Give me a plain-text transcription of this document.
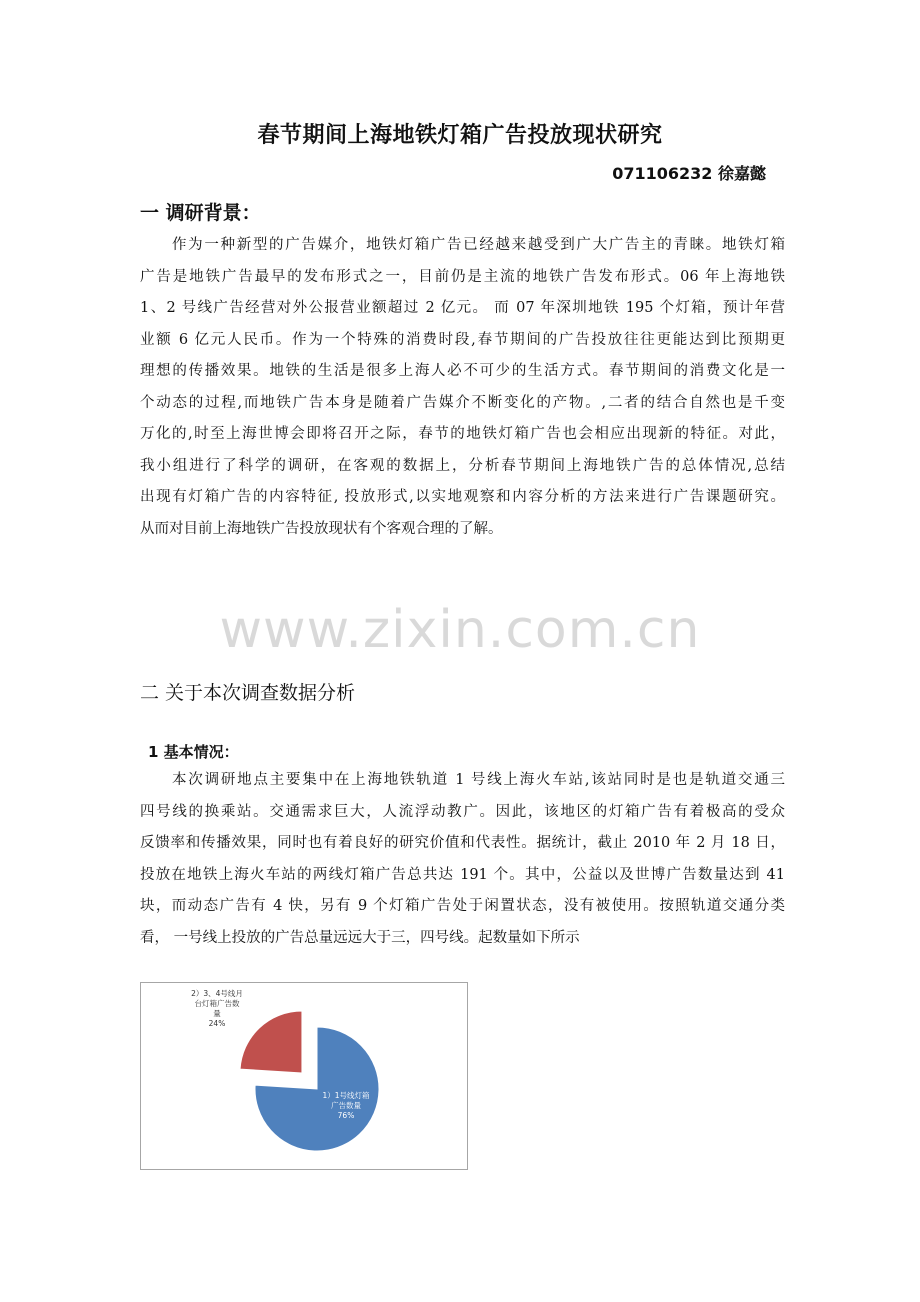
春节期间上海地铁灯箱广告投放现状研究
071106232 徐嘉懿
一 调研背景：
作为一种新型的广告媒介，地铁灯箱广告已经越来越受到广大广告主的青睐。地铁灯箱
广告是地铁广告最早的发布形式之一，目前仍是主流的地铁广告发布形式。06 年上海地铁
1、2 号线广告经营对外公报营业额超过 2 亿元。 而 07 年深圳地铁 195 个灯箱，预计年营
业额 6 亿元人民币。作为一个特殊的消费时段,春节期间的广告投放往往更能达到比预期更
理想的传播效果。地铁的生活是很多上海人必不可少的生活方式。春节期间的消费文化是一
个动态的过程,而地铁广告本身是随着广告媒介不断变化的产物。,二者的结合自然也是千变
万化的,时至上海世博会即将召开之际，春节的地铁灯箱广告也会相应出现新的特征。对此，
我小组进行了科学的调研，在客观的数据上，分析春节期间上海地铁广告的总体情况,总结
出现有灯箱广告的内容特征, 投放形式,以实地观察和内容分析的方法来进行广告课题研究。
从而对目前上海地铁广告投放现状有个客观合理的了解。
www.zixin.com.cn
二 关于本次调查数据分析
1 基本情况：
本次调研地点主要集中在上海地铁轨道 1 号线上海火车站,该站同时是也是轨道交通三
四号线的换乘站。交通需求巨大，人流浮动教广。因此，该地区的灯箱广告有着极高的受众
反馈率和传播效果，同时也有着良好的研究价值和代表性。据统计，截止 2010 年 2 月 18 日，
投放在地铁上海火车站的两线灯箱广告总共达 191 个。其中，公益以及世博广告数量达到 41
块，而动态广告有 4 快，另有 9 个灯箱广告处于闲置状态，没有被使用。按照轨道交通分类
看， 一号线上投放的广告总量远远大于三，四号线。起数量如下所示
1）1号线灯箱广告数量 76%
2）3、4号线月台灯箱广告数量 24%
